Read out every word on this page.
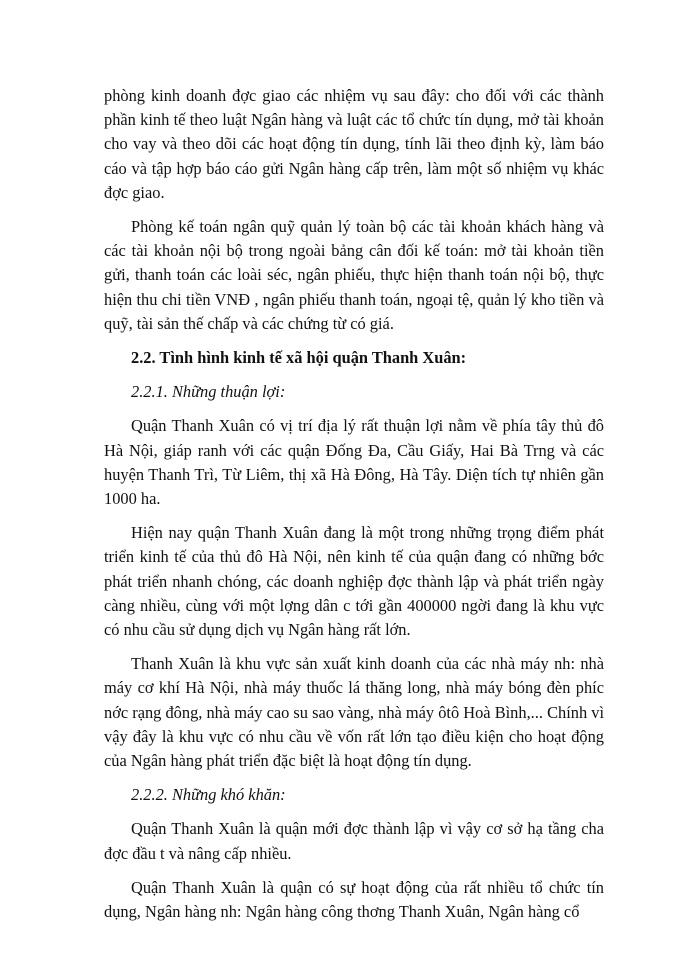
phòng kinh doanh đợc giao các nhiệm vụ sau đây: cho đối với các thành phần kinh tế theo luật Ngân hàng và luật các tổ chức tín dụng, mở tài khoản cho vay và theo dõi các hoạt động tín dụng, tính lãi theo định kỳ, làm báo cáo và tập hợp báo cáo gửi Ngân hàng cấp trên, làm một số nhiệm vụ khác đợc giao.

Phòng kế toán ngân quỹ quản lý toàn bộ các tài khoản khách hàng và các tài khoản nội bộ trong ngoài bảng cân đối kế toán: mở tài khoản tiền gửi, thanh toán các loài séc, ngân phiếu, thực hiện thanh toán nội bộ, thực hiện thu chi tiền VNĐ , ngân phiếu thanh toán, ngoại tệ, quản lý kho tiền và quỹ, tài sản thế chấp và các chứng từ có giá.

2.2. Tình hình kinh tế xã hội quận Thanh Xuân:

2.2.1. Những thuận lợi:

Quận Thanh Xuân có vị trí địa lý rất thuận lợi nằm về phía tây thủ đô Hà Nội, giáp ranh với các quận Đống Đa, Cầu Giấy, Hai Bà Trng và các huyện Thanh Trì, Từ Liêm, thị xã Hà Đông, Hà Tây. Diện tích tự nhiên gần 1000 ha.

Hiện nay quận Thanh Xuân đang là một trong những trọng điểm phát triển kinh tế của thủ đô Hà Nội, nên kinh tế của quận đang có những bớc phát triển nhanh chóng, các doanh nghiệp đợc thành lập và phát triển ngày càng nhiều, cùng với một lợng dân c tới gần 400000 ngời đang là khu vực có nhu cầu sử dụng dịch vụ Ngân hàng rất lớn.

Thanh Xuân là khu vực sản xuất kinh doanh của các nhà máy nh: nhà máy cơ khí Hà Nội, nhà máy thuốc lá thăng long, nhà máy bóng đèn phíc nớc rạng đông, nhà máy cao su sao vàng, nhà máy ôtô Hoà Bình,... Chính vì vậy đây là khu vực có nhu cầu về vốn rất lớn tạo điều kiện cho hoạt động của Ngân hàng phát triển đặc biệt là hoạt động tín dụng.

2.2.2. Những khó khăn:

Quận Thanh Xuân là quận mới đợc thành lập vì vậy cơ sở hạ tầng cha đợc đầu t và nâng cấp nhiều.

Quận Thanh Xuân là quận có sự hoạt động của rất nhiều tổ chức tín dụng, Ngân hàng nh: Ngân hàng công thơng Thanh Xuân, Ngân hàng cổ
